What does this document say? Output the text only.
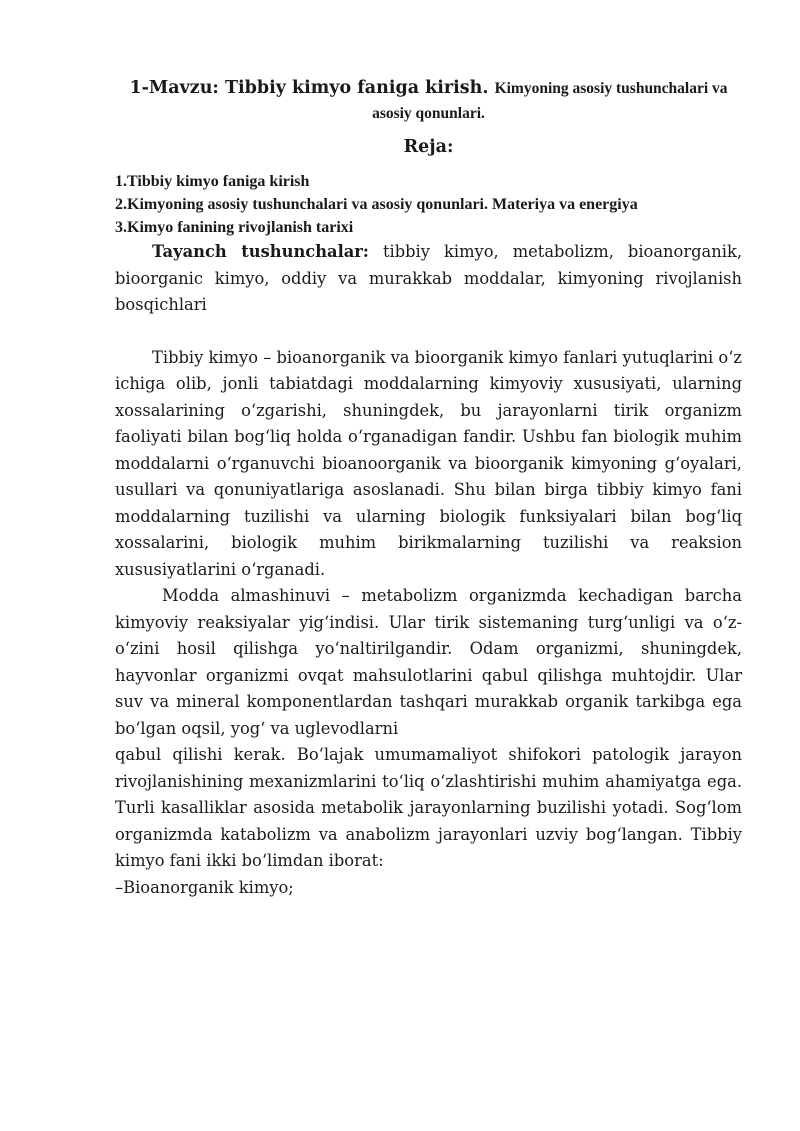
1-Mavzu: Tibbiy kimyo faniga kirish. Kimyoning asosiy tushunchalari va asosiy qonunlari.
Reja:
1.Tibbiy kimyo faniga kirish
2.Kimyoning asosiy tushunchalari va asosiy qonunlari. Materiya va energiya
3.Kimyo fanining rivojlanish tarixi

Tayanch tushunchalar: tibbiy kimyo, metabolizm, bioanorganik, bioorganic kimyo, oddiy va murakkab moddalar, kimyoning rivojlanish bosqichlari

Tibbiy kimyo – bioanorganik va bioorganik kimyo fanlari yutuqlarini o‘z ichiga olib, jonli tabiatdagi moddalarning kimyoviy xususiyati, ularning xossalarining o‘zgarishi, shuningdek, bu jarayonlarni tirik organizm faoliyati bilan bog‘liq holda o‘rganadigan fandir. Ushbu fan biologik muhim moddalarni o‘rganuvchi bioanoorganik va bioorganik kimyoning g‘oyalari, usullari va qonuniyatlariga asoslanadi. Shu bilan birga tibbiy kimyo fani moddalarning tuzilishi va ularning biologik funksiyalari bilan bog‘liq xossalarini, biologik muhim birikmalarning tuzilishi va reaksion xususiyatlarini o‘rganadi.

Modda almashinuvi – metabolizm organizmda kechadigan barcha kimyoviy reaksiyalar yig‘indisi. Ular tirik sistemaning turg‘unligi va o‘z-o‘zini hosil qilishga yo‘naltirilgandir. Odam organizmi, shuningdek, hayvonlar organizmi ovqat mahsulotlarini qabul qilishga muhtojdir. Ular suv va mineral komponentlardan tashqari murakkab organik tarkibga ega bo‘lgan oqsil, yog‘ va uglevodlarni

qabul qilishi kerak. Bo‘lajak umumamaliyot shifokori patologik jarayon rivojlanishining mexanizmlarini to‘liq o‘zlashtirishi muhim ahamiyatga ega. Turli kasalliklar asosida metabolik jarayonlarning buzilishi yotadi. Sog‘lom organizmda katabolizm va anabolizm jarayonlari uzviy bog‘langan. Tibbiy kimyo fani ikki bo‘limdan iborat:

–Bioanorganik kimyo;
